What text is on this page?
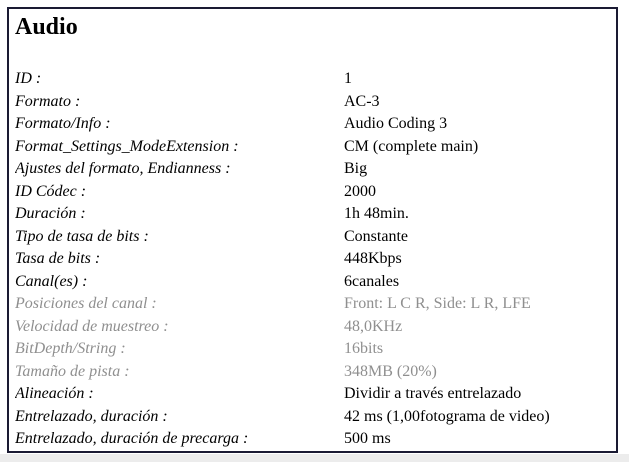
Audio
ID :	1
Formato :	AC-3
Formato/Info :	Audio Coding 3
Format_Settings_ModeExtension :	CM (complete main)
Ajustes del formato, Endianness :	Big
ID Códec :	2000
Duración :	1h 48min.
Tipo de tasa de bits :	Constante
Tasa de bits :	448Kbps
Canal(es) :	6canales
Posiciones del canal :	Front: L C R, Side: L R, LFE
Velocidad de muestreo :	48,0KHz
BitDepth/String :	16bits
Tamaño de pista :	348MB (20%)
Alineación :	Dividir a través entrelazado
Entrelazado, duración :	42 ms (1,00fotograma de video)
Entrelazado, duración de precarga :	500 ms
